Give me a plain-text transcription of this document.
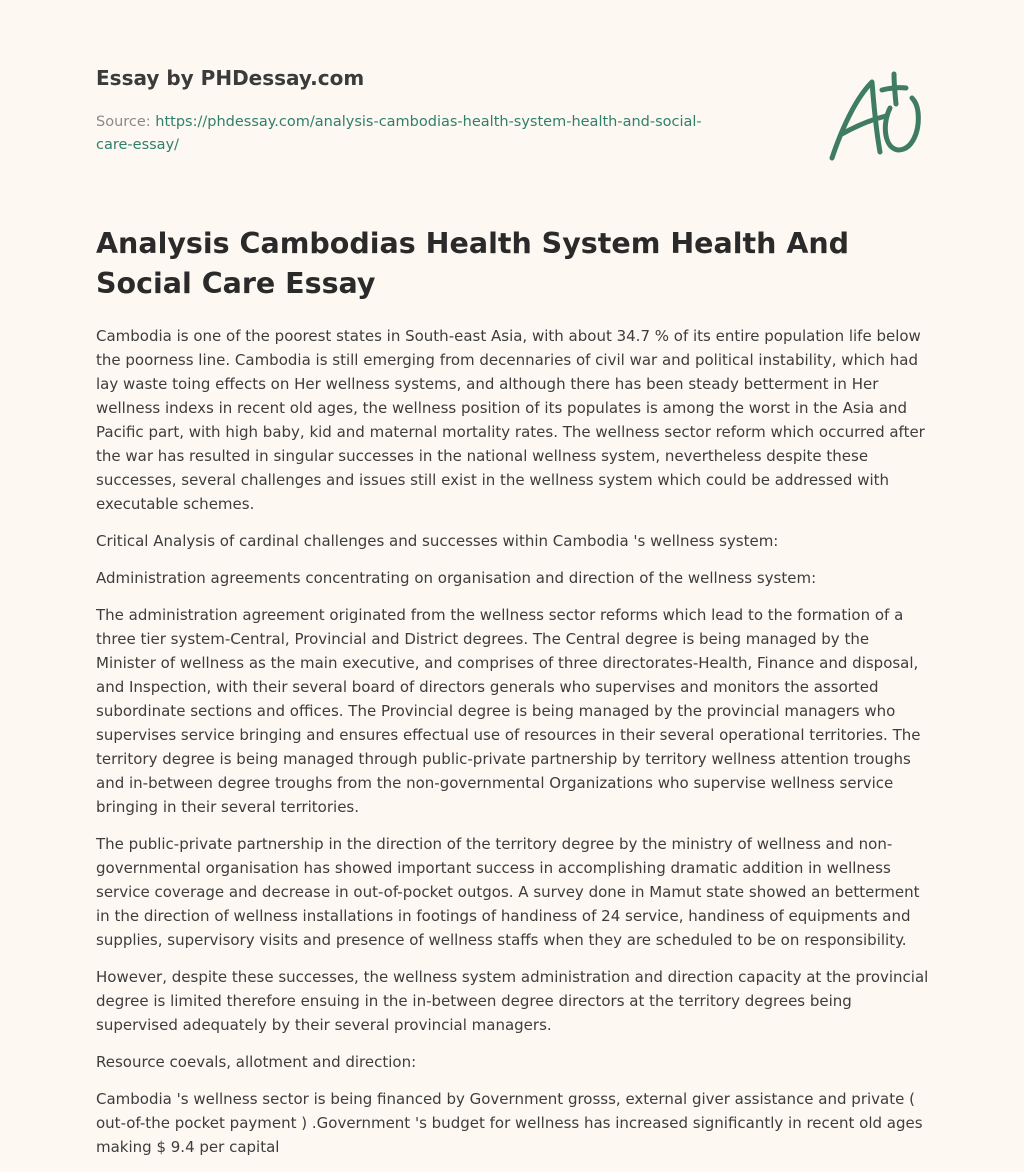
Essay by PHDessay.com
Source: https://phdessay.com/analysis-cambodias-health-system-health-and-social-care-essay/
Analysis Cambodias Health System Health And Social Care Essay

Cambodia is one of the poorest states in South-east Asia, with about 34.7 % of its entire population life below the poorness line. Cambodia is still emerging from decennaries of civil war and political instability, which had lay waste toing effects on Her wellness systems, and although there has been steady betterment in Her wellness indexs in recent old ages, the wellness position of its populates is among the worst in the Asia and Pacific part, with high baby, kid and maternal mortality rates. The wellness sector reform which occurred after the war has resulted in singular successes in the national wellness system, nevertheless despite these successes, several challenges and issues still exist in the wellness system which could be addressed with executable schemes.

Critical Analysis of cardinal challenges and successes within Cambodia 's wellness system:

Administration agreements concentrating on organisation and direction of the wellness system:

The administration agreement originated from the wellness sector reforms which lead to the formation of a three tier system-Central, Provincial and District degrees. The Central degree is being managed by the Minister of wellness as the main executive, and comprises of three directorates-Health, Finance and disposal, and Inspection, with their several board of directors generals who supervises and monitors the assorted subordinate sections and offices. The Provincial degree is being managed by the provincial managers who supervises service bringing and ensures effectual use of resources in their several operational territories. The territory degree is being managed through public-private partnership by territory wellness attention troughs and in-between degree troughs from the non-governmental Organizations who supervise wellness service bringing in their several territories.

The public-private partnership in the direction of the territory degree by the ministry of wellness and non-governmental organisation has showed important success in accomplishing dramatic addition in wellness service coverage and decrease in out-of-pocket outgos. A survey done in Mamut state showed an betterment in the direction of wellness installations in footings of handiness of 24 service, handiness of equipments and supplies, supervisory visits and presence of wellness staffs when they are scheduled to be on responsibility.

However, despite these successes, the wellness system administration and direction capacity at the provincial degree is limited therefore ensuing in the in-between degree directors at the territory degrees being supervised adequately by their several provincial managers.

Resource coevals, allotment and direction:

Cambodia 's wellness sector is being financed by Government grosss, external giver assistance and private ( out-of-the pocket payment ) .Government 's budget for wellness has increased significantly in recent old ages making $ 9.4 per capital
